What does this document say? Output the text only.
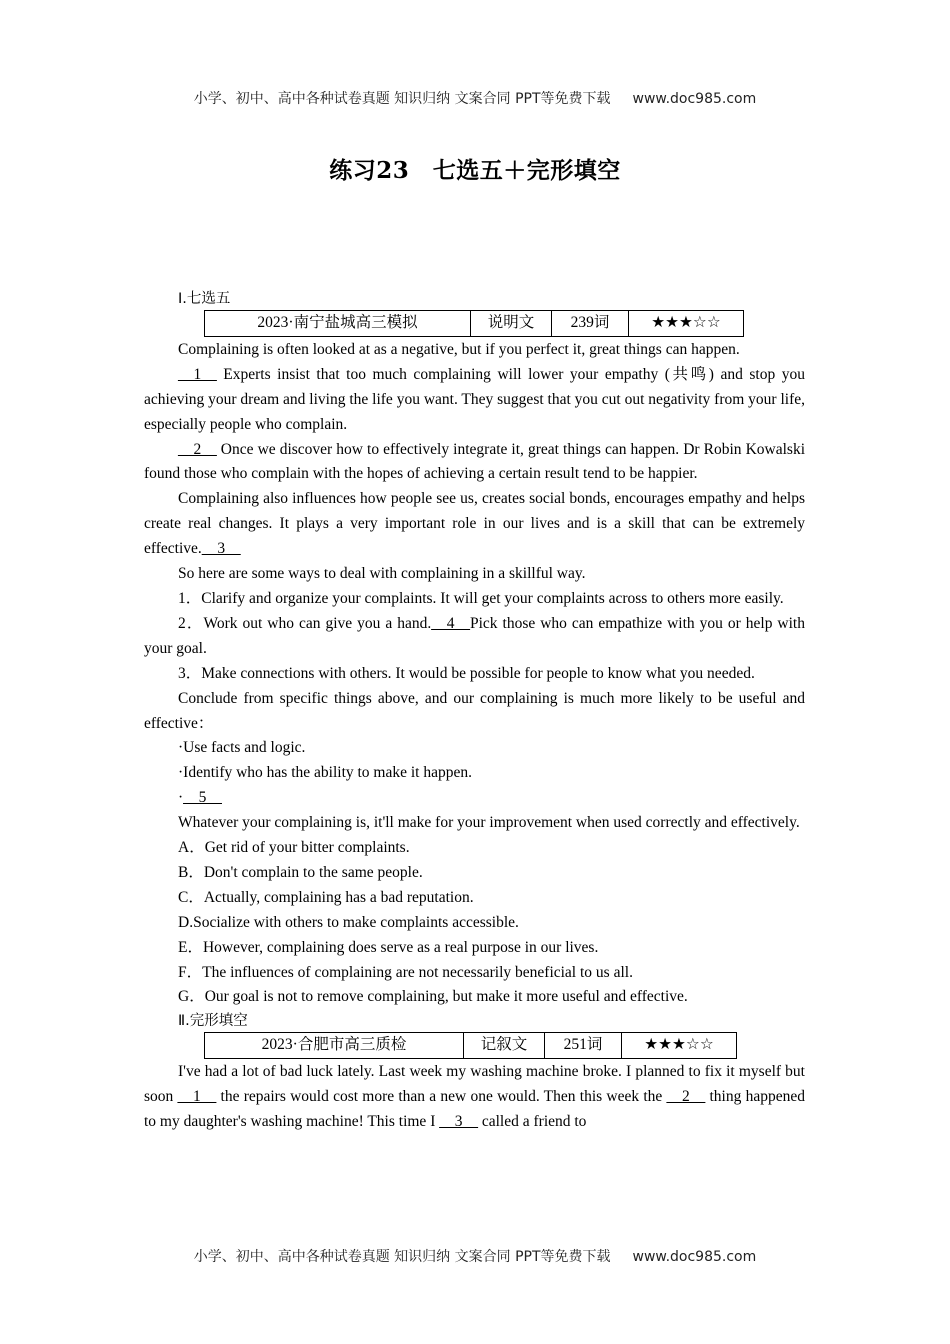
小学、初中、高中各种试卷真题 知识归纳 文案合同 PPT等免费下载 www.doc985.com
练习23　七选五＋完形填空
Ⅰ.七选五
2023·南宁盐城高三模拟	说明文	239词	★★★☆☆

Complaining is often looked at as a negative, but if you perfect it, great things can happen.

__1__ Experts insist that too much complaining will lower your empathy (共鸣) and stop you achieving your dream and living the life you want. They suggest that you cut out negativity from your life, especially people who complain.

__2__ Once we discover how to effectively integrate it, great things can happen. Dr Robin Kowalski found those who complain with the hopes of achieving a certain result tend to be happier.

Complaining also influences how people see us, creates social bonds, encourages empathy and helps create real changes. It plays a very important role in our lives and is a skill that can be extremely effective.__3__

So here are some ways to deal with complaining in a skillful way.

1．Clarify and organize your complaints. It will get your complaints across to others more easily.

2．Work out who can give you a hand.__4__Pick those who can empathize with you or help with your goal.

3．Make connections with others. It would be possible for people to know what you needed.

Conclude from specific things above, and our complaining is much more likely to be useful and effective：

·Use facts and logic.

·Identify who has the ability to make it happen.

·__5__

Whatever your complaining is, it'll make for your improvement when used correctly and effectively.

A．Get rid of your bitter complaints.
B．Don't complain to the same people.
C．Actually, complaining has a bad reputation.
D.Socialize with others to make complaints accessible.
E．However, complaining does serve as a real purpose in our lives.
F．The influences of complaining are not necessarily beneficial to us all.
G．Our goal is not to remove complaining, but make it more useful and effective.
Ⅱ.完形填空
2023·合肥市高三质检	记叙文	251词	★★★☆☆

I've had a lot of bad luck lately. Last week my washing machine broke. I planned to fix it myself but soon __1__ the repairs would cost more than a new one would. Then this week the __2__ thing happened to my daughter's washing machine! This time I __3__ called a friend to

小学、初中、高中各种试卷真题 知识归纳 文案合同 PPT等免费下载 www.doc985.com
